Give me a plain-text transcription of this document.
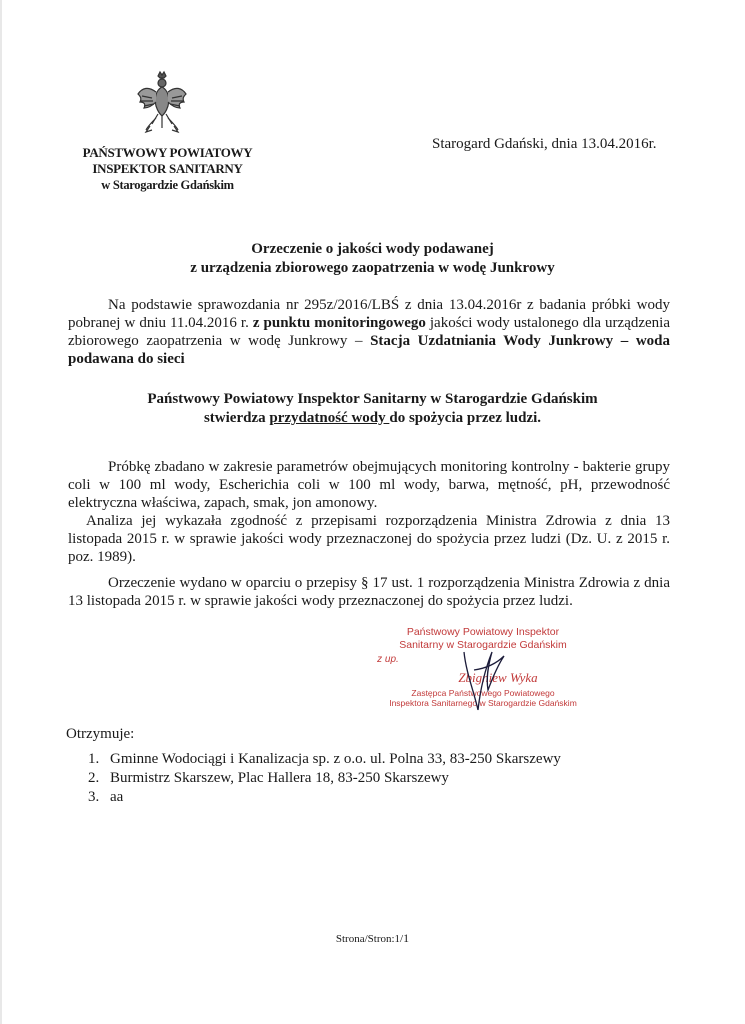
PAŃSTWOWY POWIATOWY
INSPEKTOR SANITARNY
w Starogardzie Gdańskim
Starogard Gdański, dnia 13.04.2016r.
Orzeczenie o jakości wody podawanej
z urządzenia zbiorowego zaopatrzenia w wodę Junkrowy
Na podstawie sprawozdania nr 295z/2016/LBŚ z dnia 13.04.2016r z badania próbki wody pobranej w dniu 11.04.2016 r. z punktu monitoringowego jakości wody ustalonego dla urządzenia zbiorowego zaopatrzenia w wodę Junkrowy – Stacja Uzdatniania Wody Junkrowy – woda podawana do sieci
Państwowy Powiatowy Inspektor Sanitarny w Starogardzie Gdańskim
stwierdza przydatność wody do spożycia przez ludzi.
Próbkę zbadano w zakresie parametrów obejmujących monitoring kontrolny - bakterie grupy coli w 100 ml wody, Escherichia coli w 100 ml wody, barwa, mętność, pH, przewodność elektryczna właściwa, zapach, smak, jon amonowy.
Analiza jej wykazała zgodność z przepisami rozporządzenia Ministra Zdrowia z dnia 13 listopada 2015 r. w sprawie jakości wody przeznaczonej do spożycia przez ludzi (Dz. U. z 2015 r. poz. 1989).
Orzeczenie wydano w oparciu o przepisy § 17 ust. 1 rozporządzenia Ministra Zdrowia z dnia 13 listopada 2015 r. w sprawie jakości wody przeznaczonej do spożycia przez ludzi.
Państwowy Powiatowy Inspektor
Sanitarny w Starogardzie Gdańskim
z up.
Zbigniew Wyka
Zastępca Państwowego Powiatowego
Inspektora Sanitarnego w Starogardzie Gdańskim
Otrzymuje:
1. Gminne Wodociągi i Kanalizacja sp. z o.o. ul. Polna 33, 83-250 Skarszewy
2. Burmistrz Skarszew, Plac Hallera 18, 83-250 Skarszewy
3. aa
Strona/Stron:1/1
